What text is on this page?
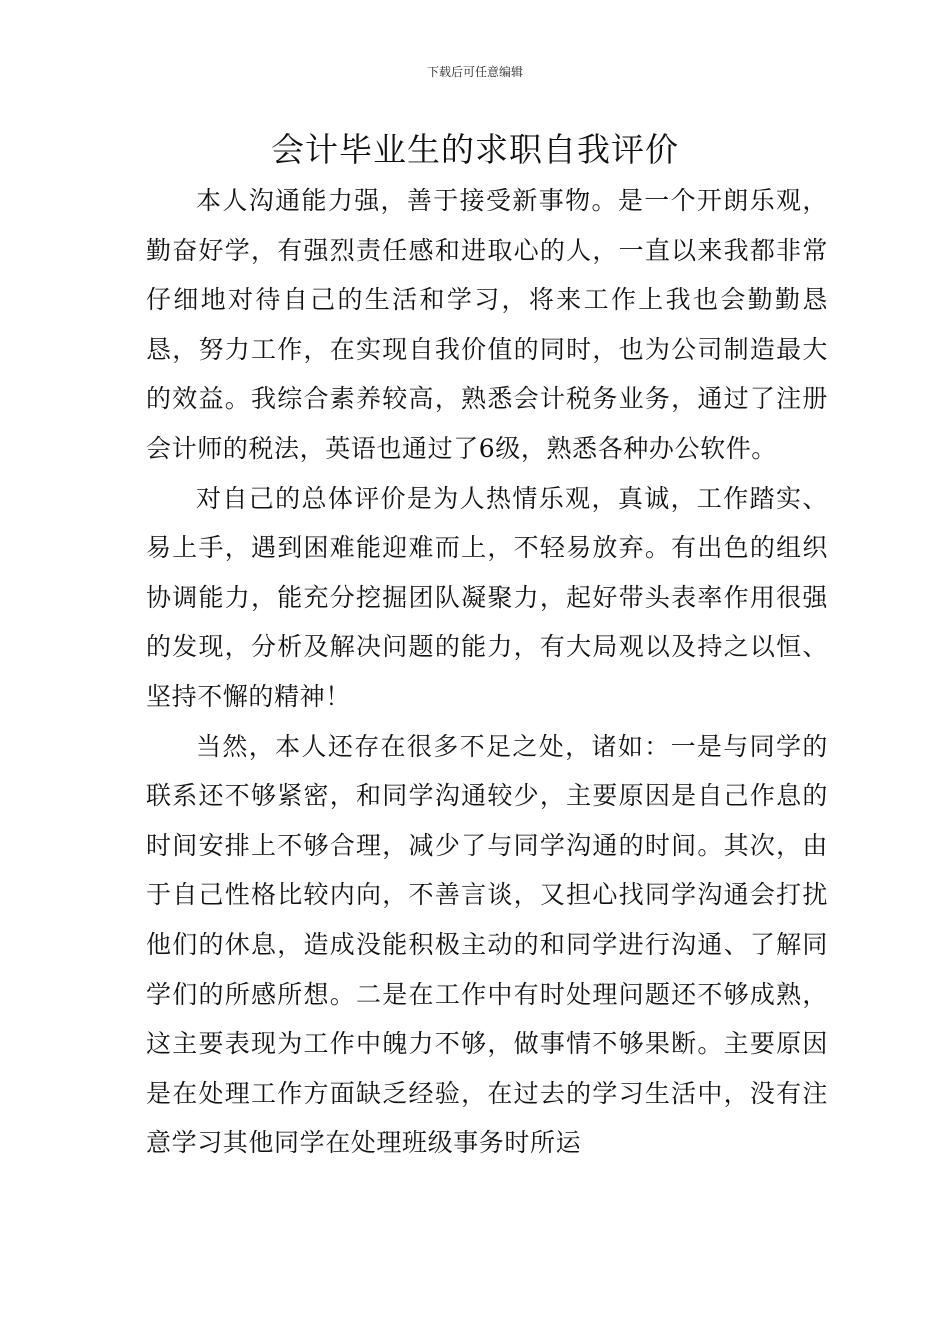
下载后可任意编辑
会计毕业生的求职自我评价

本人沟通能力强，善于接受新事物。是一个开朗乐观，勤奋好学，有强烈责任感和进取心的人，一直以来我都非常仔细地对待自己的生活和学习，将来工作上我也会勤勤恳恳，努力工作，在实现自我价值的同时，也为公司制造最大的效益。我综合素养较高，熟悉会计税务业务，通过了注册会计师的税法，英语也通过了6级，熟悉各种办公软件。

对自己的总体评价是为人热情乐观，真诚，工作踏实、易上手，遇到困难能迎难而上，不轻易放弃。有出色的组织协调能力，能充分挖掘团队凝聚力，起好带头表率作用很强的发现，分析及解决问题的能力，有大局观以及持之以恒、坚持不懈的精神！

当然，本人还存在很多不足之处，诸如：一是与同学的联系还不够紧密，和同学沟通较少，主要原因是自己作息的时间安排上不够合理，减少了与同学沟通的时间。其次，由于自己性格比较内向，不善言谈，又担心找同学沟通会打扰他们的休息，造成没能积极主动的和同学进行沟通、了解同学们的所感所想。二是在工作中有时处理问题还不够成熟，这主要表现为工作中魄力不够，做事情不够果断。主要原因是在处理工作方面缺乏经验，在过去的学习生活中，没有注意学习其他同学在处理班级事务时所运
